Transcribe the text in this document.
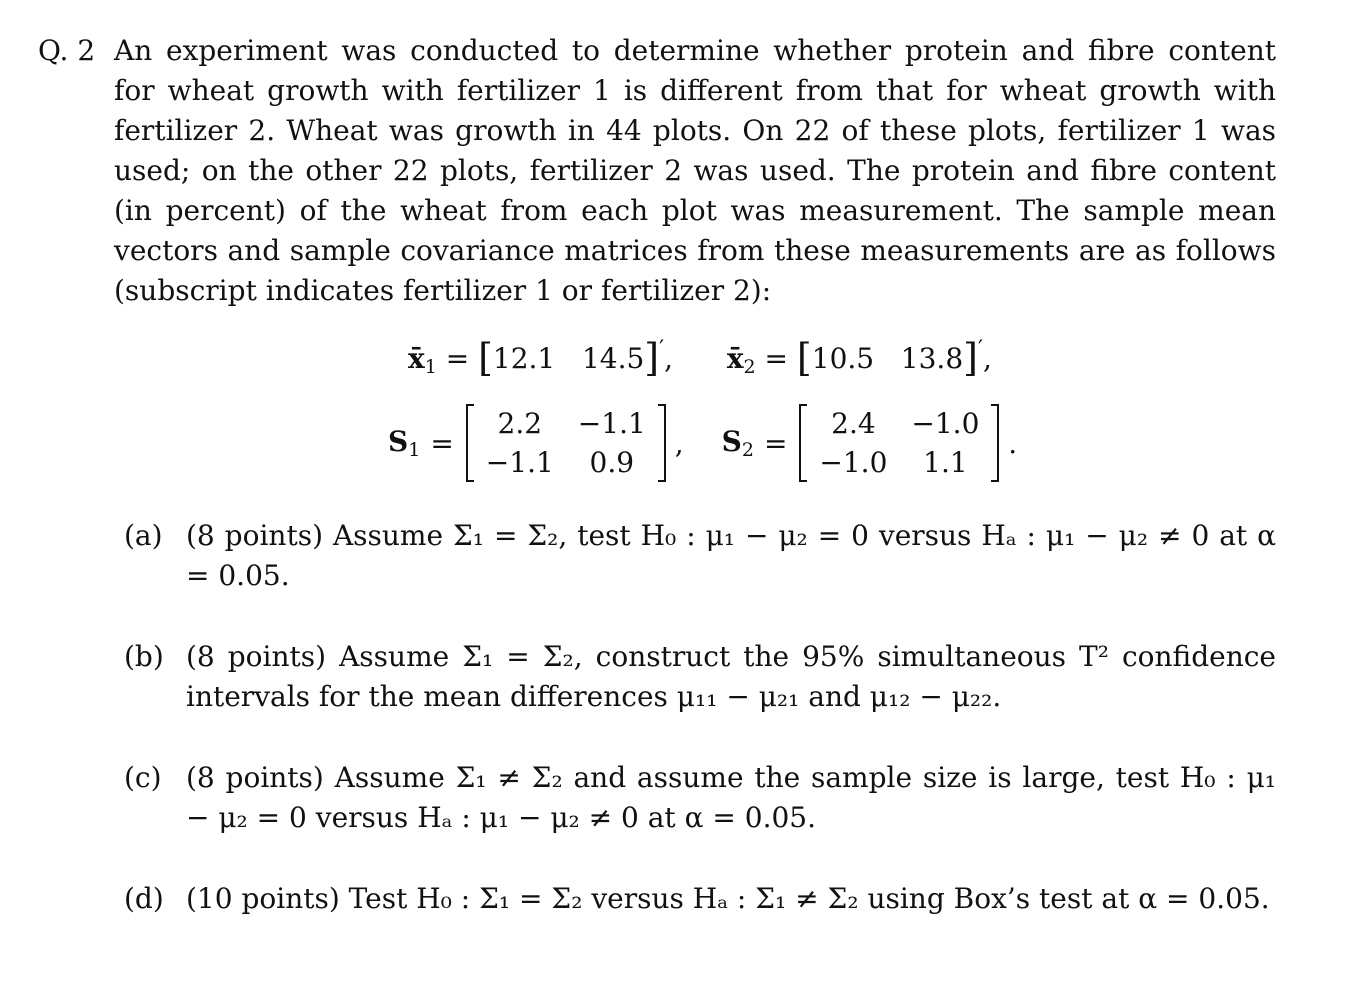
Q. 2 An experiment was conducted to determine whether protein and fibre content for wheat growth with fertilizer 1 is different from that for wheat growth with fertilizer 2. Wheat was growth in 44 plots. On 22 of these plots, fertilizer 1 was used; on the other 22 plots, fertilizer 2 was used. The protein and fibre content (in percent) of the wheat from each plot was measurement. The sample mean vectors and sample covariance matrices from these measurements are as follows (subscript indicates fertilizer 1 or fertilizer 2):
$x̄_1 = [12.1$   14.5]′,  $x̄_2 = [10.5$   13.8]′,
$S_1$ =
2.2	−1.1
−1.1	0.9
, $S_2$ =
2.4	−1.0
−1.0	1.1
.
(a) (8 points) Assume Σ₁ = Σ₂, test H₀ : μ₁ − μ₂ = 0 versus Hₐ : μ₁ − μ₂ ≠ 0 at α = 0.05.
(b) (8 points) Assume Σ₁ = Σ₂, construct the 95% simultaneous T² confidence intervals for the mean differences μ₁₁ − μ₂₁ and μ₁₂ − μ₂₂.
(c) (8 points) Assume Σ₁ ≠ Σ₂ and assume the sample size is large, test H₀ : μ₁ − μ₂ = 0 versus Hₐ : μ₁ − μ₂ ≠ 0 at α = 0.05.
(d) (10 points) Test H₀ : Σ₁ = Σ₂ versus Hₐ : Σ₁ ≠ Σ₂ using Box’s test at α = 0.05.
